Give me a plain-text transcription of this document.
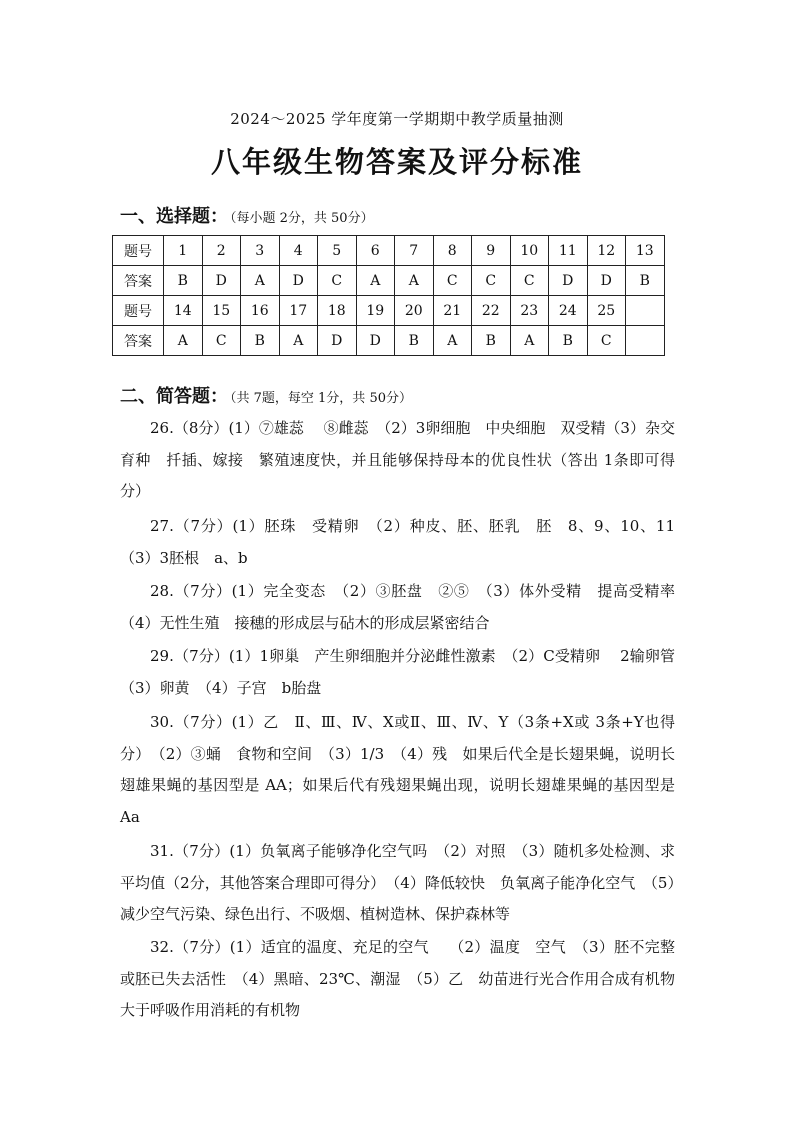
2024～2025 学年度第一学期期中教学质量抽测
八年级生物答案及评分标准
一、选择题： （每小题 2分，共 50分）
题号	1	2	3	4	5	6	7	8	9	10	11	12	13
答案	B	D	A	D	C	A	A	C	C	C	D	D	B
题号	14	15	16	17	18	19	20	21	22	23	24	25	
答案	A	C	B	A	D	D	B	A	B	A	B	C	
二、简答题： （共 7题，每空 1分，共 50分）
26.（8分）(1）⑦雄蕊　 ⑧雌蕊　（2）3卵细胞　中央细胞　双受精（3）杂交育种　扦插、嫁接　繁殖速度快，并且能够保持母本的优良性状（答出 1条即可得分）
27.（7分）(1）胚珠　受精卵　（2）种皮、胚、胚乳　胚　8、9、10、11（3）3胚根　a、b
28.（7分）(1）完全变态　（2）③胚盘　②⑤　（3）体外受精　提高受精率　（4）无性生殖　接穗的形成层与砧木的形成层紧密结合
29.（7分）(1）1卵巢　产生卵细胞并分泌雌性激素　（2）C受精卵　 2输卵管　（3）卵黄　（4）子宫　b胎盘
30.（7分）(1）乙　Ⅱ、Ⅲ、Ⅳ、X或Ⅱ、Ⅲ、Ⅳ、Y（3条+X或 3条+Y也得分）　（2）③蛹　食物和空间　（3）1/3　（4）残　如果后代全是长翅果蝇，说明长翅雄果蝇的基因型是 AA；如果后代有残翅果蝇出现，说明长翅雄果蝇的基因型是 Aa
31.（7分）(1）负氧离子能够净化空气吗　（2）对照　（3）随机多处检测、求平均值（2分，其他答案合理即可得分）　（4）降低较快　负氧离子能净化空气　（5）减少空气污染、绿色出行、不吸烟、植树造林、保护森林等
32.（7分）(1）适宜的温度、充足的空气　 （2）温度　空气　（3）胚不完整或胚已失去活性　（4）黑暗、23℃、潮湿　（5）乙　幼苗进行光合作用合成有机物大于呼吸作用消耗的有机物
